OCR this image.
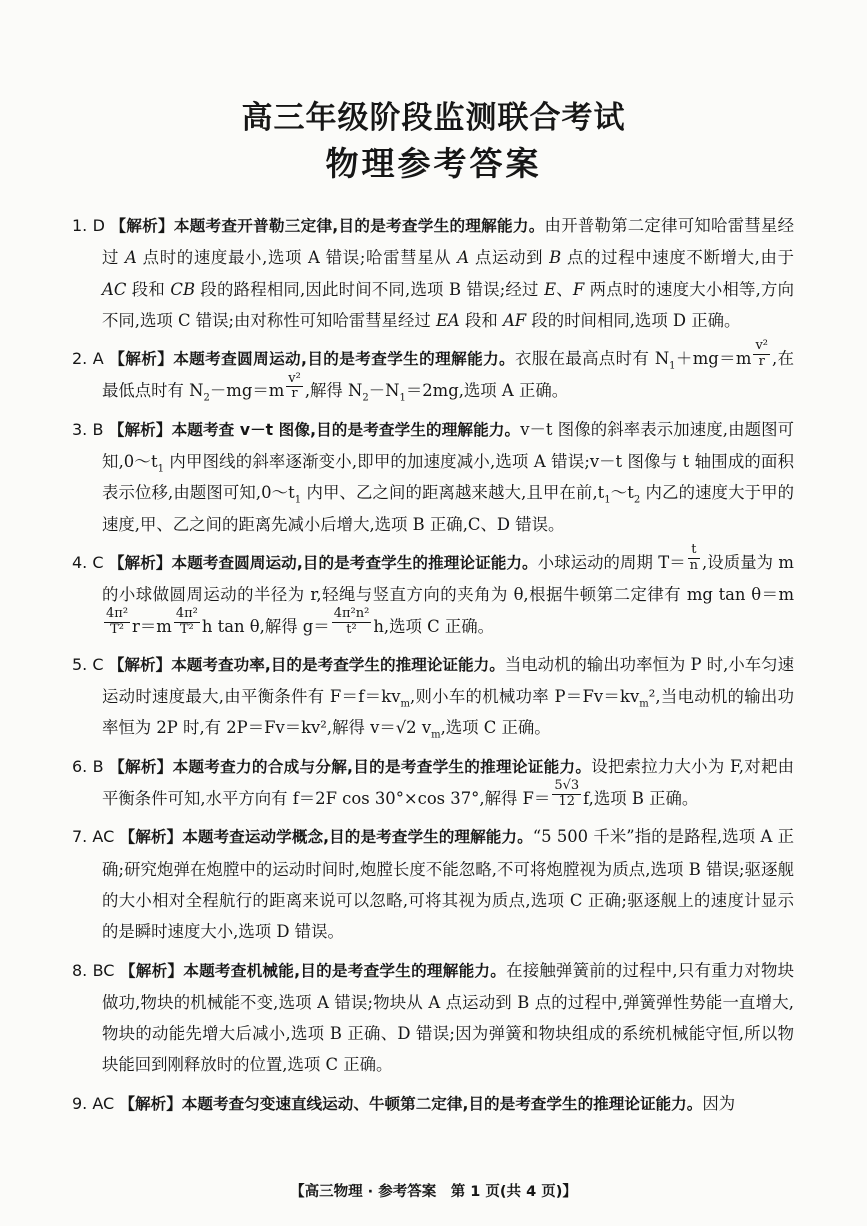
高三年级阶段监测联合考试
物理参考答案
1. D 【解析】本题考查开普勒三定律,目的是考查学生的理解能力。由开普勒第二定律可知哈雷彗星经过 A 点时的速度最小,选项 A 错误;哈雷彗星从 A 点运动到 B 点的过程中速度不断增大,由于 AC 段和 CB 段的路程相同,因此时间不同,选项 B 错误;经过 E、F 两点时的速度大小相等,方向不同,选项 C 错误;由对称性可知哈雷彗星经过 EA 段和 AF 段的时间相同,选项 D 正确。
2. A 【解析】本题考查圆周运动,目的是考查学生的理解能力。衣服在最高点时有 $N_1+mg=m \frac{\text{v²}}{r}$ ,在最低点时有 $N_2-mg=m \frac{\text{v²}}{r}$ ,解得 $N_2-N_1=2mg$,选项 A 正确。
3. B 【解析】本题考查 v－t 图像,目的是考查学生的理解能力。v－t 图像的斜率表示加速度,由题图可知$,0\sim t_1$ 内甲图线的斜率逐渐变小,即甲的加速度减小,选项 A 错误;v－t 图像与 t 轴围成的面积表示位移,由题图可知$,0\sim t_1$ 内甲、乙之间的距离越来越大,且甲在前$,t_1\sim t_2$ 内乙的速度大于甲的速度,甲、乙之间的距离先减小后增大,选项 B 正确,C、D 错误。
4. C 【解析】本题考查圆周运动,目的是考查学生的推理论证能力。小球运动的周期 $T= \frac{t}{n}$ ,设质量为 m 的小球做圆周运动的半径为 r,轻绳与竖直方向的夹角为 θ,根据牛顿第二定律有 mg tan θ＝m
$\frac{\text{4π²}}{\text{T²}} r=m \frac{\text{4π²}}{\text{T²}}$ h tan θ,解得 $g= \frac{\text{4π²n²}}{\text{t²}} h$,选项 C 正确。
5. C 【解析】本题考查功率,目的是考查学生的推理论证能力。当电动机的输出功率恒为 P 时,小车匀速运动时速度最大,由平衡条件有 $F=f=kv_m$,则小车的机械功率 $P=Fv=kv_m^2$,当电动机的输出功率恒为 2P 时,有 2P＝Fv＝kv²,解得 v＝√2 $v_m$,选项 C 正确。
6. B 【解析】本题考查力的合成与分解,目的是考查学生的推理论证能力。设把索拉力大小为 F,对耙由平衡条件可知,水平方向有 f＝2F cos 30°×cos 37°,解得 $F= \frac{5√3}{12} f$,选项 B 正确。
7. AC 【解析】本题考查运动学概念,目的是考查学生的理解能力。“5 500 千米”指的是路程,选项 A 正确;研究炮弹在炮膛中的运动时间时,炮膛长度不能忽略,不可将炮膛视为质点,选项 B 错误;驱逐舰的大小相对全程航行的距离来说可以忽略,可将其视为质点,选项 C 正确;驱逐舰上的速度计显示的是瞬时速度大小,选项 D 错误。
8. BC 【解析】本题考查机械能,目的是考查学生的理解能力。在接触弹簧前的过程中,只有重力对物块做功,物块的机械能不变,选项 A 错误;物块从 A 点运动到 B 点的过程中,弹簧弹性势能一直增大,物块的动能先增大后减小,选项 B 正确、D 错误;因为弹簧和物块组成的系统机械能守恒,所以物块能回到刚释放时的位置,选项 C 正确。
9. AC 【解析】本题考查匀变速直线运动、牛顿第二定律,目的是考查学生的推理论证能力。因为
【高三物理 · 参考答案　第 1 页(共 4 页)】
